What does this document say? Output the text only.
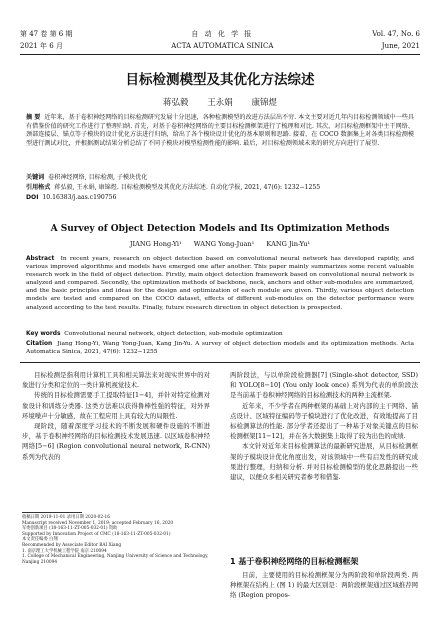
第 47 卷 第 6 期	自 动 化 学 报	Vol. 47, No. 6
2021 年 6 月	ACTA AUTOMATICA SINICA	June, 2021
目标检测模型及其优化方法综述
蒋弘毅 王永娟 康锦煜
摘 要 近年来，基于卷积神经网络的目标检测研究发展十分迅速，各种检测模型的改进方法层出不穷. 本文主要对近几年内目标检测领域中一些具有借鉴价值的研究工作进行了整理归纳. 首先，对基于卷积神经网络的主要目标检测框架进行了梳理和对比. 其次，对目标检测框架中主干网络、颈部连接层、锚点等子模块的设计优化方法进行归纳，给出了各个模块设计优化的基本原则和思路. 接着，在 COCO 数据集上对各类目标检测模型进行测试对比，并根据测试结果分析总结了不同子模块对模型检测性能的影响. 最后，对目标检测领域未来的研究方向进行了展望.
关键词 卷积神经网络, 目标检测, 子模块优化
引用格式 蒋弘毅, 王永娟, 康锦煜. 目标检测模型及其优化方法综述. 自动化学报, 2021, 47(6): 1232−1255
DOI 10.16383/j.aas.c190756
A Survey of Object Detection Models and Its Optimization Methods
JIANG Hong-Yi¹ WANG Yong-Juan¹ KANG Jin-Yu¹
Abstract In recent years, research on object detection based on convolutional neural network has developed rapidly, and various improved algorithms and models have emerged one after another. This paper mainly summarizes some recent valuable research work in the field of object detection. Firstly, main object detection framework based on convolutional neural network is analyzed and compared. Secondly, the optimization methods of backbone, neck, anchors and other sub-modules are summarized, and the basic principles and ideas for the design and optimization of each module are given. Thirdly, various object detection models are tested and compared on the COCO dataset, effects of different sub-modules on the detector performance were analyzed according to the test results. Finally, future research direction in object detection is prospected.
Key words Convolutional neural network, object detection, sub-module optimization
Citation Jiang Hong-Yi, Wang Yong-Juan, Kang Jin-Yu. A survey of object detection models and its optimization methods. Acta Automatica Sinica, 2021, 47(6): 1232−1255

目标检测是指利用计算机工具和相关算法来对现实世界中的对象进行分类和定位的一类计算机视觉技术.

传统的目标检测需要手工提取特征[1−4]，并针对特定检测对象设计和训练分类器. 这类方法难以获得鲁棒性强的特征，对外界环境噪声十分敏感，故在工程应用上具有较大的局限性.

现阶段，随着深度学习技术的不断发展和硬件设施的不断进步，基于卷积神经网络的目标检测技术发展迅速. 以区域卷积神经网络[5−6] (Region convolutional neural network, R-CNN) 系列为代表的

收稿日期 2019-11-01 录用日期 2020-02-16
Manuscript received November 1, 2019; accepted February 16, 2020
军委创新项目 (18-163-11-ZT-005-032-01) 资助
Supported by Innovation Project of CMC (18-163-11-ZT-005-032-01)
本文责任编委 白翔
Recommended by Associate Editor BAI Xiang
1. 南京理工大学机械工程学院 南京 210094
1. College of Mechanical Engineering, Nanjing University of Science and Technology, Nanjing 210094

两阶段法，与以单阶段检测器[7] (Single-shot detector, SSD) 和 YOLO[8−10] (You only look once) 系列为代表的单阶段法是当前基于卷积神经网络的目标检测技术的两种主流框架.

近年来，不少学者在两种框架的基础上对内部的主干网络、锚点设计、区域特征编码等子模块进行了优化改进，有效地提高了目标检测算法的性能. 部分学者还提出了一种基于对象关键点的目标检测框架[11−12]，并在各大数据集上取得了较为出色的成绩.

本文针对近年来目标检测算法的最新研究进展，从目标检测框架的子模块设计优化角度出发，对该领域中一些有启发性的研究成果进行整理，归纳和分析. 并对目标检测模型的优化思路提出一些建议，以便众多相关研究者参考和借鉴.

1 基于卷积神经网络的目标检测框架

目前，主要使用的目标检测框架分为两阶段和单阶段两类. 两种框架在结构上 (图 1) 的最大区别是：两阶段框架通过区域推荐网络 (Region propos-
